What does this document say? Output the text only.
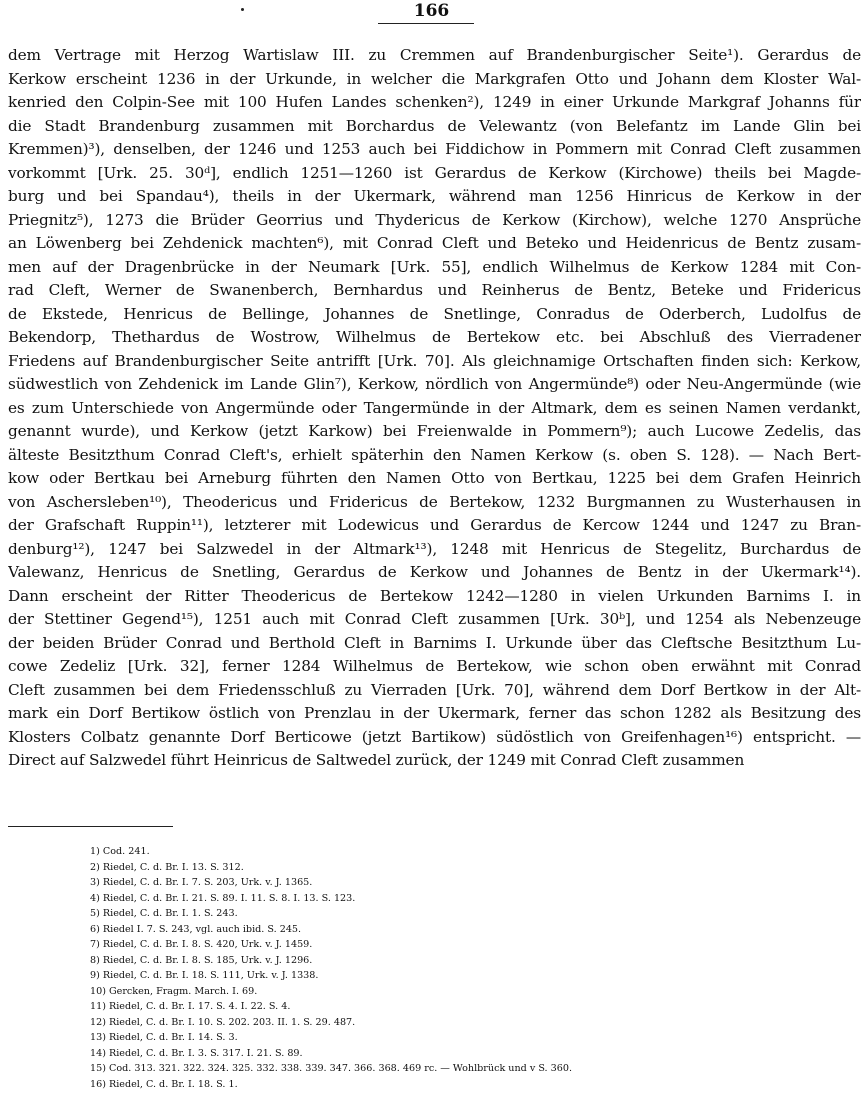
166
dem Vertrage mit Herzog Wartislaw III. zu Cremmen auf Brandenburgischer Seite¹). Gerardus de
Kerkow erscheint 1236 in der Urkunde, in welcher die Markgrafen Otto und Johann dem Kloster Wal-
kenried den Colpin-See mit 100 Hufen Landes schenken²), 1249 in einer Urkunde Markgraf Johanns für
die Stadt Brandenburg zusammen mit Borchardus de Velewantz (von Belefantz im Lande Glin bei
Kremmen)³), denselben, der 1246 und 1253 auch bei Fiddichow in Pommern mit Conrad Cleft zusammen
vorkommt [Urk. 25. 30ᵈ], endlich 1251—1260 ist Gerardus de Kerkow (Kirchowe) theils bei Magde-
burg und bei Spandau⁴), theils in der Ukermark, während man 1256 Hinricus de Kerkow in der
Priegnitz⁵), 1273 die Brüder Georrius und Thydericus de Kerkow (Kirchow), welche 1270 Ansprüche
an Löwenberg bei Zehdenick machten⁶), mit Conrad Cleft und Beteko und Heidenricus de Bentz zusam-
men auf der Dragenbrücke in der Neumark [Urk. 55], endlich Wilhelmus de Kerkow 1284 mit Con-
rad Cleft, Werner de Swanenberch, Bernhardus und Reinherus de Bentz, Beteke und Fridericus
de Ekstede, Henricus de Bellinge, Johannes de Snetlinge, Conradus de Oderberch, Ludolfus de
Bekendorp, Thethardus de Wostrow, Wilhelmus de Bertekow etc. bei Abschluß des Vierradener
Friedens auf Brandenburgischer Seite antrifft [Urk. 70]. Als gleichnamige Ortschaften finden sich: Kerkow,
südwestlich von Zehdenick im Lande Glin⁷), Kerkow, nördlich von Angermünde⁸) oder Neu-Angermünde (wie
es zum Unterschiede von Angermünde oder Tangermünde in der Altmark, dem es seinen Namen verdankt,
genannt wurde), und Kerkow (jetzt Karkow) bei Freienwalde in Pommern⁹); auch Lucowe Zedelis, das
älteste Besitzthum Conrad Cleft's, erhielt späterhin den Namen Kerkow (s. oben S. 128). — Nach Bert-
kow oder Bertkau bei Arneburg führten den Namen Otto von Bertkau, 1225 bei dem Grafen Heinrich
von Aschersleben¹⁰), Theodericus und Fridericus de Bertekow, 1232 Burgmannen zu Wusterhausen in
der Grafschaft Ruppin¹¹), letzterer mit Lodewicus und Gerardus de Kercow 1244 und 1247 zu Bran-
denburg¹²), 1247 bei Salzwedel in der Altmark¹³), 1248 mit Henricus de Stegelitz, Burchardus de
Valewanz, Henricus de Snetling, Gerardus de Kerkow und Johannes de Bentz in der Ukermark¹⁴).
Dann erscheint der Ritter Theodericus de Bertekow 1242—1280 in vielen Urkunden Barnims I. in
der Stettiner Gegend¹⁵), 1251 auch mit Conrad Cleft zusammen [Urk. 30ᵇ], und 1254 als Nebenzeuge
der beiden Brüder Conrad und Berthold Cleft in Barnims I. Urkunde über das Cleftsche Besitzthum Lu-
cowe Zedeliz [Urk. 32], ferner 1284 Wilhelmus de Bertekow, wie schon oben erwähnt mit Conrad
Cleft zusammen bei dem Friedensschluß zu Vierraden [Urk. 70], während dem Dorf Bertkow in der Alt-
mark ein Dorf Bertikow östlich von Prenzlau in der Ukermark, ferner das schon 1282 als Besitzung des
Klosters Colbatz genannte Dorf Berticowe (jetzt Bartikow) südöstlich von Greifenhagen¹⁶) entspricht. —
Direct auf Salzwedel führt Heinricus de Saltwedel zurück, der 1249 mit Conrad Cleft zusammen
1) Cod. 241.
2) Riedel, C. d. Br. I. 13. S. 312.
3) Riedel, C. d. Br. I. 7. S. 203, Urk. v. J. 1365.
4) Riedel, C. d. Br. I. 21. S. 89. I. 11. S. 8. I. 13. S. 123.
5) Riedel, C. d. Br. I. 1. S. 243.
6) Riedel I. 7. S. 243, vgl. auch ibid. S. 245.
7) Riedel, C. d. Br. I. 8. S. 420, Urk. v. J. 1459.
8) Riedel, C. d. Br. I. 8. S. 185, Urk. v. J. 1296.
9) Riedel, C. d. Br. I. 18. S. 111, Urk. v. J. 1338.
10) Gercken, Fragm. March. I. 69.
11) Riedel, C. d. Br. I. 17. S. 4. I. 22. S. 4.
12) Riedel, C. d. Br. I. 10. S. 202. 203. II. 1. S. 29. 487.
13) Riedel, C. d. Br. I. 14. S. 3.
14) Riedel, C. d. Br. I. 3. S. 317. I. 21. S. 89.
15) Cod. 313. 321. 322. 324. 325. 332. 338. 339. 347. 366. 368. 469 rc. — Wohlbrück und v S. 360.
16) Riedel, C. d. Br. I. 18. S. 1.
